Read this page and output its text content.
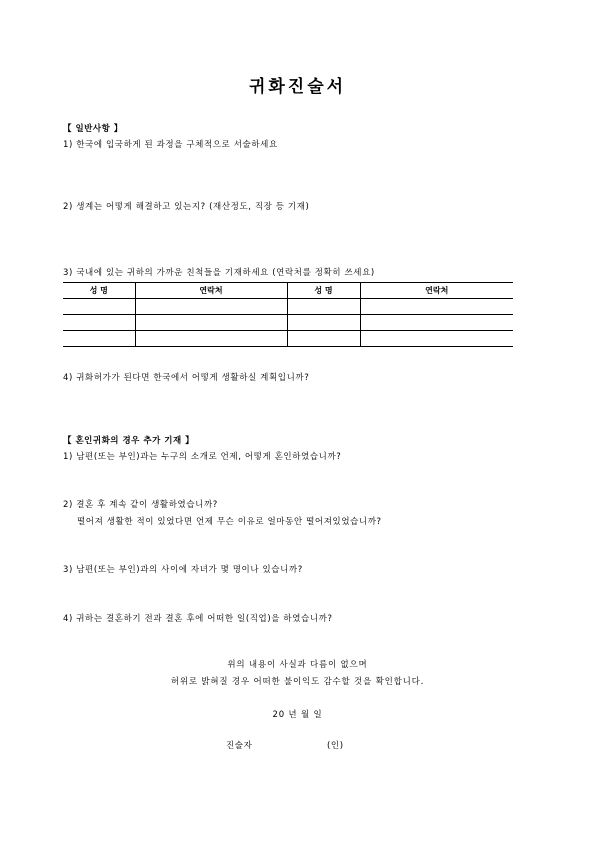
귀화진술서
【 일반사항 】
1) 한국에 입국하게 된 과정을 구체적으로 서술하세요
2) 생계는 어떻게 해결하고 있는지? (재산정도, 직장 등 기재)
3) 국내에 있는 귀하의 가까운 친척들을 기재하세요 (연락처를 정확히 쓰세요)
성 명	연락처	성 명	연락처

4) 귀화허가가 된다면 한국에서 어떻게 생활하실 계획입니까?
【 혼인귀화의 경우 추가 기재 】
1) 남편(또는 부인)과는 누구의 소개로 언제, 어떻게 혼인하였습니까?
2) 결혼 후 계속 같이 생활하였습니까?
떨어져 생활한 적이 있었다면 언제 무슨 이유로 얼마동안 떨어져있었습니까?
3) 남편(또는 부인)과의 사이에 자녀가 몇 명이나 있습니까?
4) 귀하는 결혼하기 전과 결혼 후에 어떠한 일(직업)을 하였습니까?
위의 내용이 사실과 다름이 없으며
허위로 밝혀질 경우 어떠한 불이익도 감수할 것을 확인합니다.
20 년 월 일
진술자	(인)
